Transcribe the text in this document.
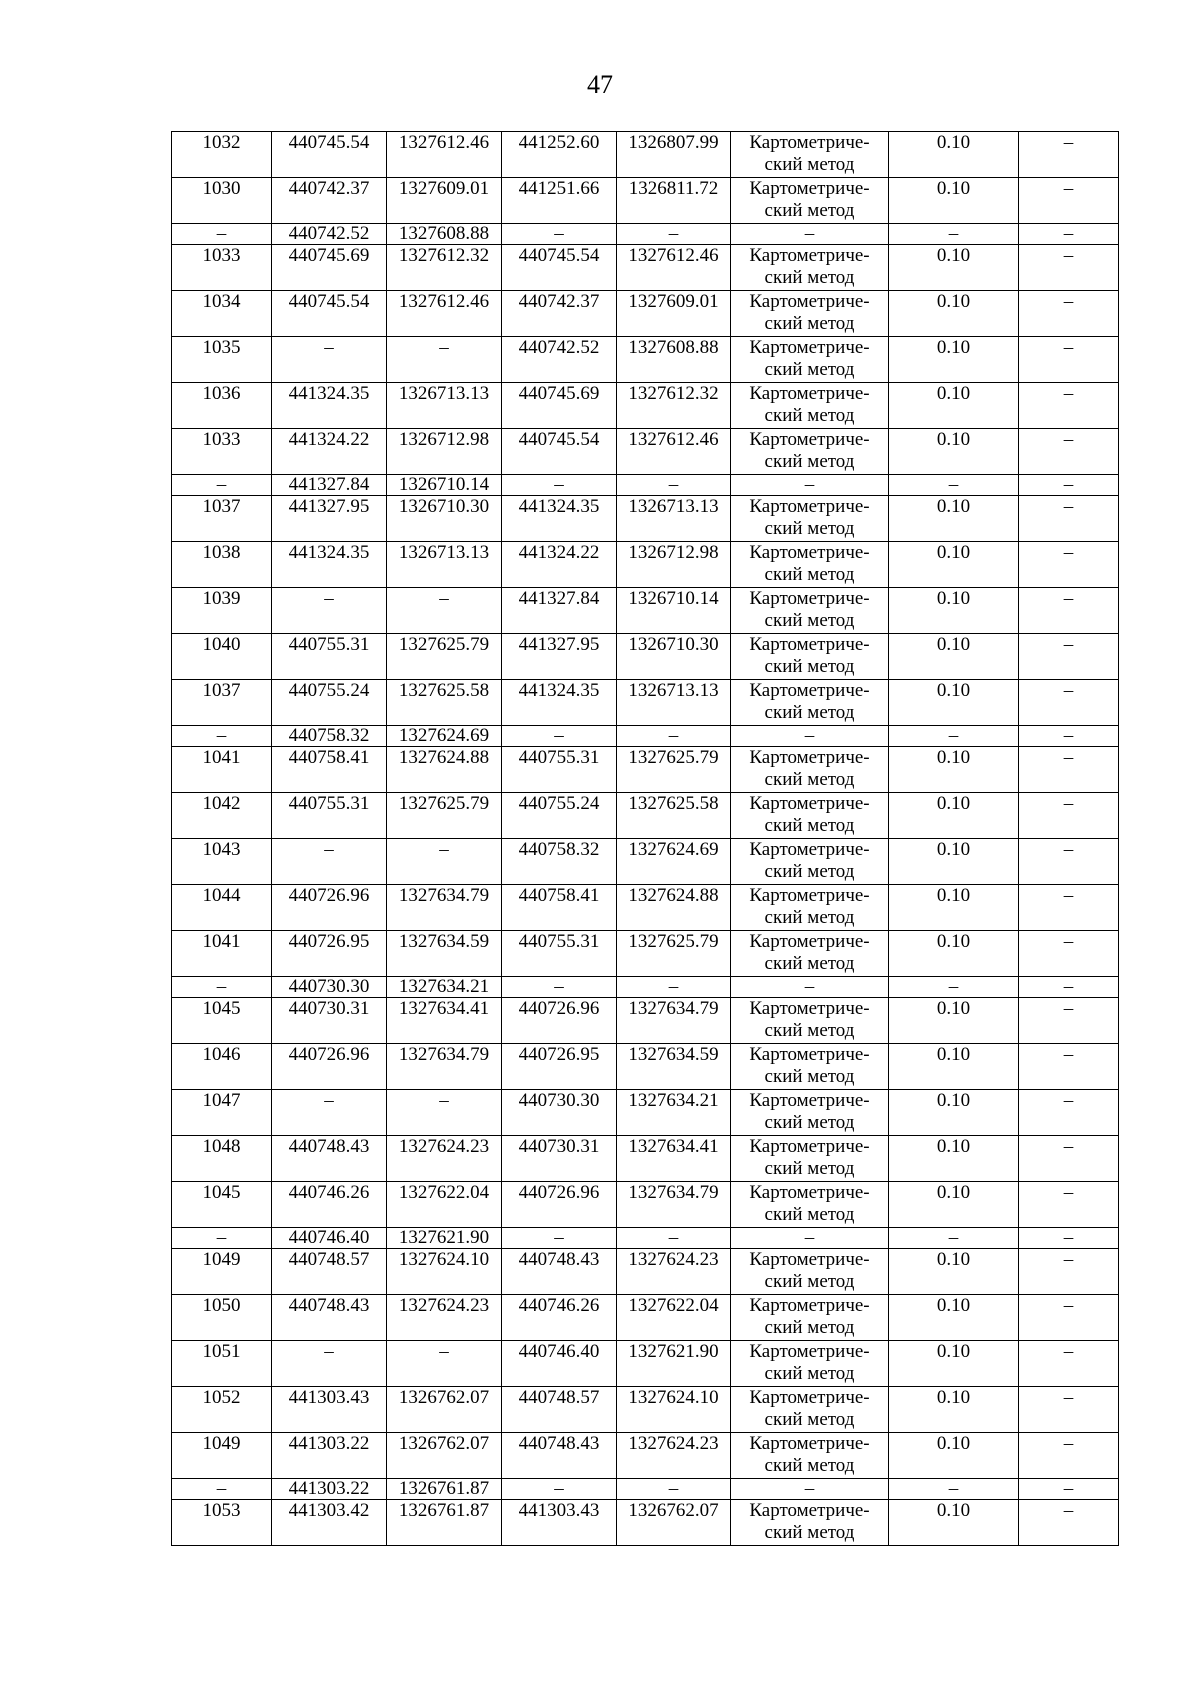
47
1032	440745.54	1327612.46	441252.60	1326807.99	Картометриче-
ский метод	0.10	–
1030	440742.37	1327609.01	441251.66	1326811.72	Картометриче-
ский метод	0.10	–
–	440742.52	1327608.88	–	–	–	–	–
1033	440745.69	1327612.32	440745.54	1327612.46	Картометриче-
ский метод	0.10	–
1034	440745.54	1327612.46	440742.37	1327609.01	Картометриче-
ский метод	0.10	–
1035	–	–	440742.52	1327608.88	Картометриче-
ский метод	0.10	–
1036	441324.35	1326713.13	440745.69	1327612.32	Картометриче-
ский метод	0.10	–
1033	441324.22	1326712.98	440745.54	1327612.46	Картометриче-
ский метод	0.10	–
–	441327.84	1326710.14	–	–	–	–	–
1037	441327.95	1326710.30	441324.35	1326713.13	Картометриче-
ский метод	0.10	–
1038	441324.35	1326713.13	441324.22	1326712.98	Картометриче-
ский метод	0.10	–
1039	–	–	441327.84	1326710.14	Картометриче-
ский метод	0.10	–
1040	440755.31	1327625.79	441327.95	1326710.30	Картометриче-
ский метод	0.10	–
1037	440755.24	1327625.58	441324.35	1326713.13	Картометриче-
ский метод	0.10	–
–	440758.32	1327624.69	–	–	–	–	–
1041	440758.41	1327624.88	440755.31	1327625.79	Картометриче-
ский метод	0.10	–
1042	440755.31	1327625.79	440755.24	1327625.58	Картометриче-
ский метод	0.10	–
1043	–	–	440758.32	1327624.69	Картометриче-
ский метод	0.10	–
1044	440726.96	1327634.79	440758.41	1327624.88	Картометриче-
ский метод	0.10	–
1041	440726.95	1327634.59	440755.31	1327625.79	Картометриче-
ский метод	0.10	–
–	440730.30	1327634.21	–	–	–	–	–
1045	440730.31	1327634.41	440726.96	1327634.79	Картометриче-
ский метод	0.10	–
1046	440726.96	1327634.79	440726.95	1327634.59	Картометриче-
ский метод	0.10	–
1047	–	–	440730.30	1327634.21	Картометриче-
ский метод	0.10	–
1048	440748.43	1327624.23	440730.31	1327634.41	Картометриче-
ский метод	0.10	–
1045	440746.26	1327622.04	440726.96	1327634.79	Картометриче-
ский метод	0.10	–
–	440746.40	1327621.90	–	–	–	–	–
1049	440748.57	1327624.10	440748.43	1327624.23	Картометриче-
ский метод	0.10	–
1050	440748.43	1327624.23	440746.26	1327622.04	Картометриче-
ский метод	0.10	–
1051	–	–	440746.40	1327621.90	Картометриче-
ский метод	0.10	–
1052	441303.43	1326762.07	440748.57	1327624.10	Картометриче-
ский метод	0.10	–
1049	441303.22	1326762.07	440748.43	1327624.23	Картометриче-
ский метод	0.10	–
–	441303.22	1326761.87	–	–	–	–	–
1053	441303.42	1326761.87	441303.43	1326762.07	Картометриче-
ский метод	0.10	–
